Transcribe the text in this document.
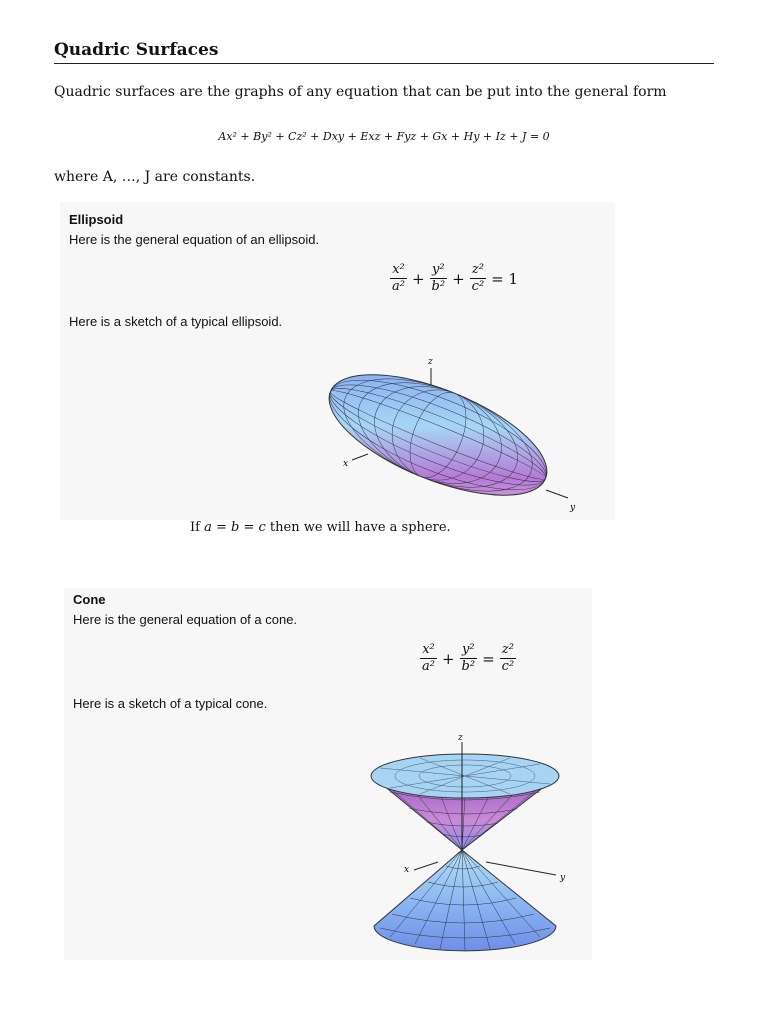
Quadric Surfaces
Quadric surfaces are the graphs of any equation that can be put into the general form
Ax² + By² + Cz² + Dxy + Exz + Fyz + Gx + Hy + Iz + J = 0
where A, …, J are constants.
Ellipsoid
Here is the general equation of an ellipsoid.
$\frac{\text{x²}}{\text{a²}} + \frac{\text{y²}}{\text{b²}} + \frac{\text{z²}}{\text{c²}} = 1$
Here is a sketch of a typical ellipsoid.
z
x
y
If a = b = c then we will have a sphere.
Cone
Here is the general equation of a cone.
$\frac{\text{x²}}{\text{a²}} + \frac{\text{y²}}{\text{b²}} = \frac{\text{z²}}{\text{c²}}$
Here is a sketch of a typical cone.
z
x
y
